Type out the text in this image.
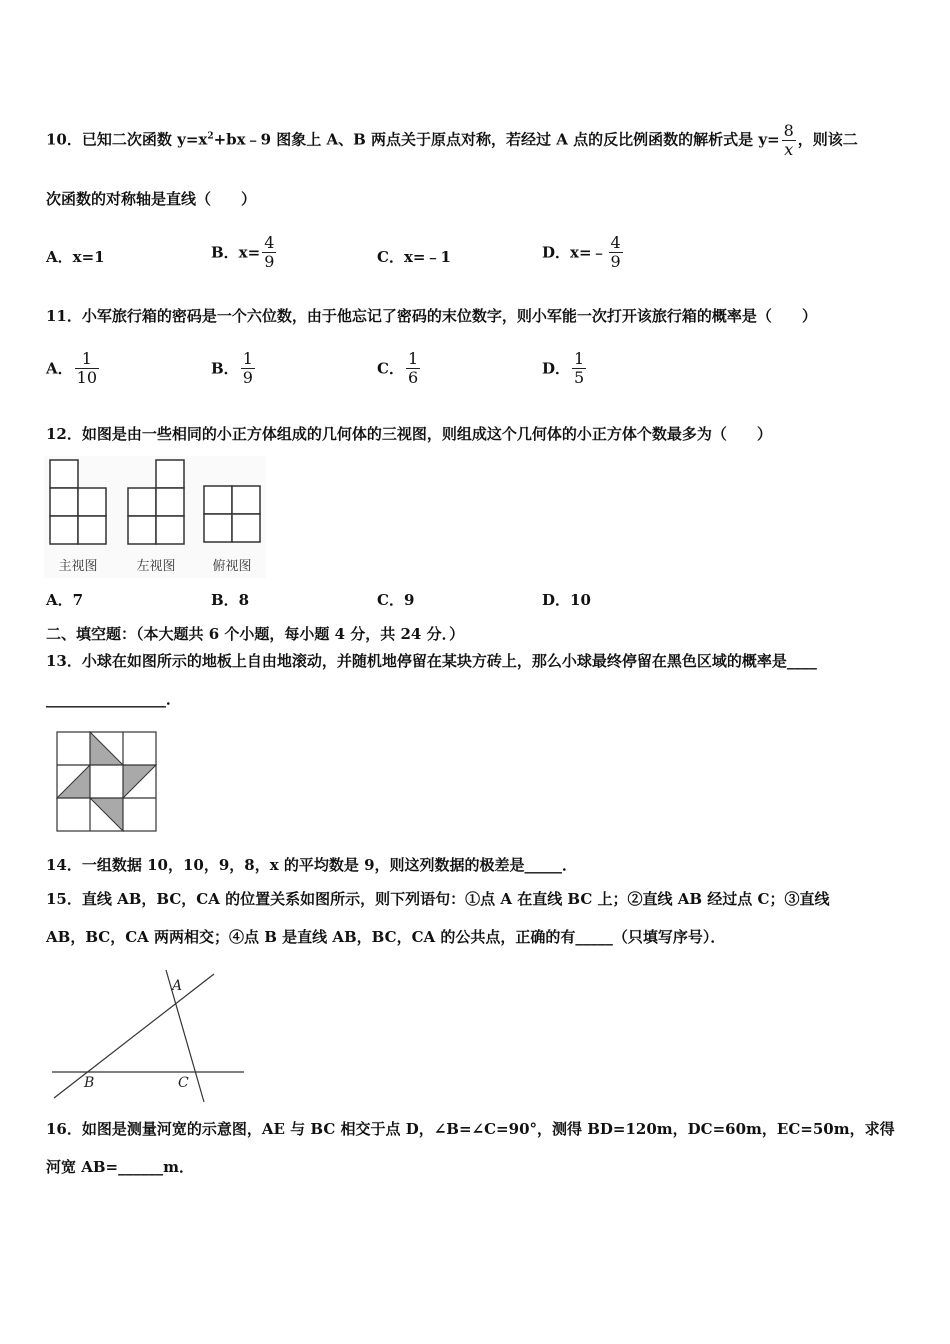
10．已知二次函数 $y=x^2+bx﹣9$ 图象上 A、B 两点关于原点对称，若经过 A 点的反比例函数的解析式是 $y= \frac{8}{x}$ ，则该二
次函数的对称轴是直线（　　）
A．x=1	B．$x= \frac{4}{9}$	C．x=﹣1	D．x=﹣ $\frac{4}{9}$
11．小军旅行箱的密码是一个六位数，由于他忘记了密码的末位数字，则小军能一次打开该旅行箱的概率是（　　）
A． $\frac{1}{10}$	B． $\frac{1}{9}$	C． $\frac{1}{6}$	D． $\frac{1}{5}$
12．如图是由一些相同的小正方体组成的几何体的三视图，则组成这个几何体的小正方体个数最多为（　　）
主视图	左视图	俯视图
A．7	B．8	C．9	D．10
二、填空题：（本大题共 6 个小题，每小题 4 分，共 24 分．）
13．小球在如图所示的地板上自由地滚动，并随机地停留在某块方砖上，那么小球最终停留在黑色区域的概率是____
________________．
14．一组数据 10，10，9，8，x 的平均数是 9，则这列数据的极差是_____．
15．直线 AB，BC，CA 的位置关系如图所示，则下列语句：①点 A 在直线 BC 上；②直线 AB 经过点 C；③直线
AB，BC，CA 两两相交；④点 B 是直线 AB，BC，CA 的公共点，正确的有_____（只填写序号）．
A
B	C
16．如图是测量河宽的示意图，AE 与 BC 相交于点 D，∠B=∠C=90°，测得 BD=120m，DC=60m，EC=50m，求得
河宽 AB=______m．
